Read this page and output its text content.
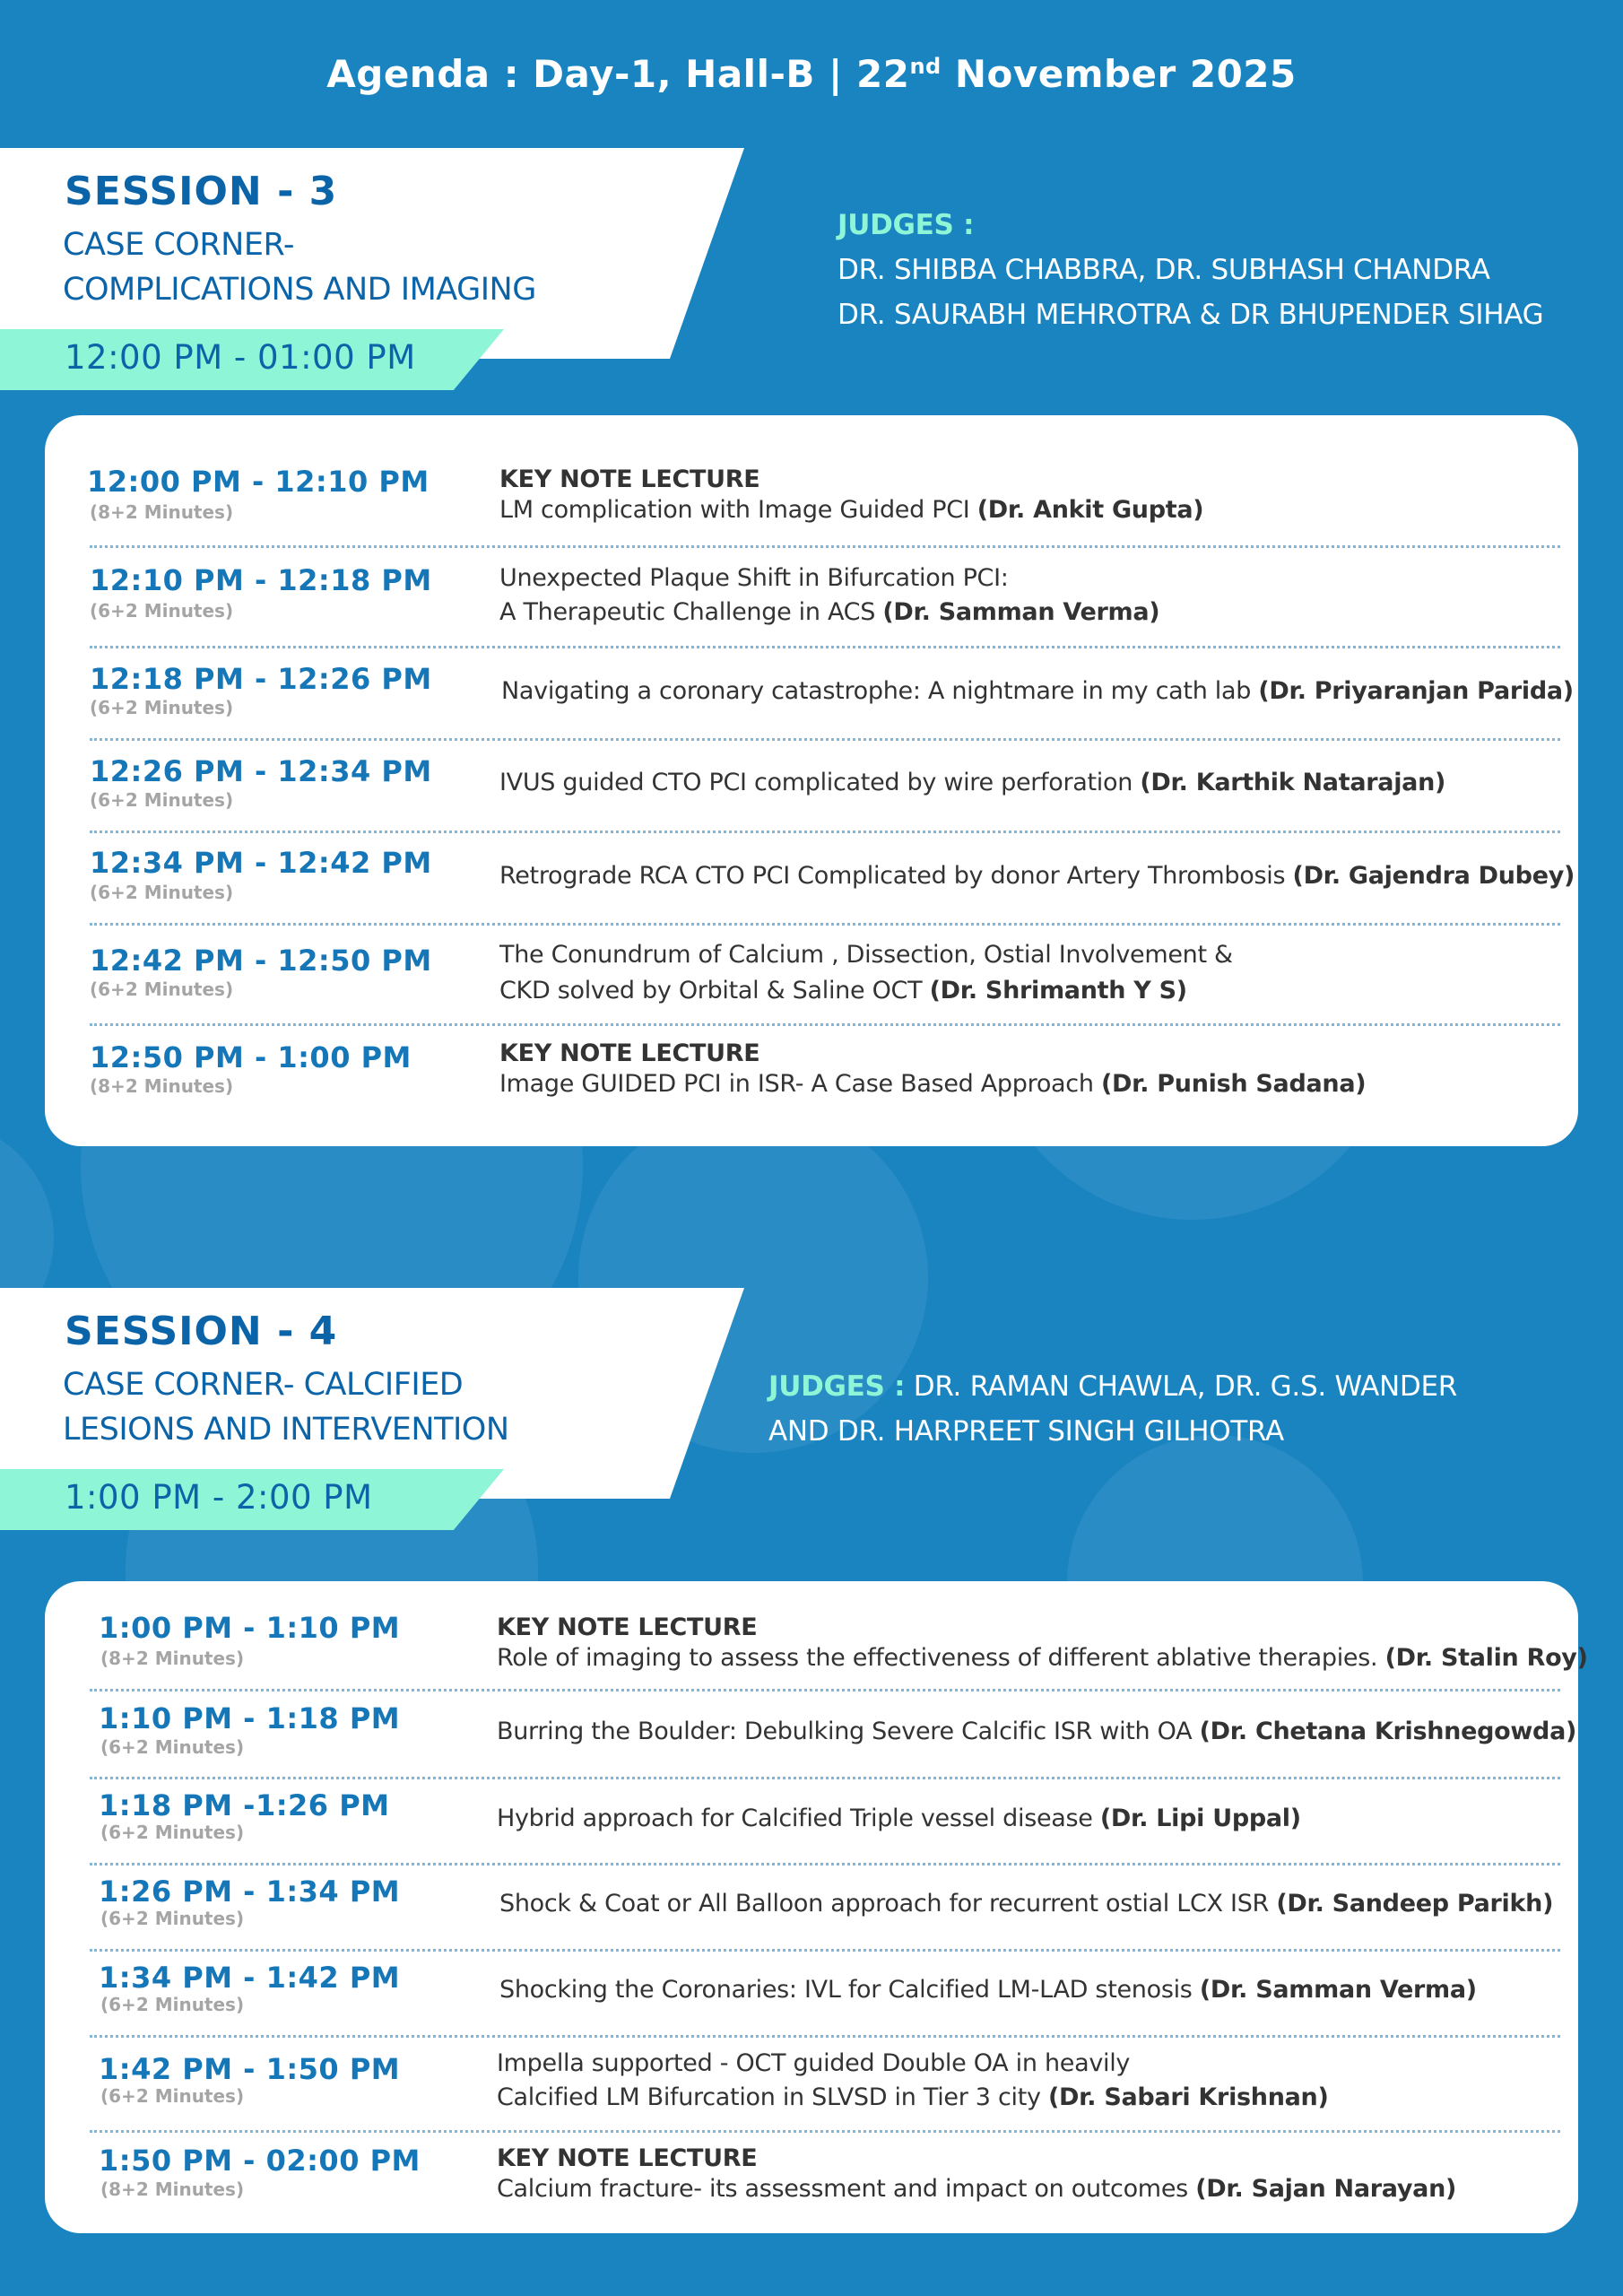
Agenda : Day-1, Hall-B | 22nd November 2025
SESSION - 3
CASE CORNER-
COMPLICATIONS AND IMAGING
12:00 PM - 01:00 PM
JUDGES :
DR. SHIBBA CHABBRA, DR. SUBHASH CHANDRA
DR. SAURABH MEHROTRA & DR BHUPENDER SIHAG
12:00 PM - 12:10 PM
(8+2 Minutes)
KEY NOTE LECTURE
LM complication with Image Guided PCI (Dr. Ankit Gupta)
12:10 PM - 12:18 PM
(6+2 Minutes)
Unexpected Plaque Shift in Bifurcation PCI:
A Therapeutic Challenge in ACS (Dr. Samman Verma)
12:18 PM - 12:26 PM
(6+2 Minutes)
Navigating a coronary catastrophe: A nightmare in my cath lab (Dr. Priyaranjan Parida)
12:26 PM - 12:34 PM
(6+2 Minutes)
IVUS guided CTO PCI complicated by wire perforation (Dr. Karthik Natarajan)
12:34 PM - 12:42 PM
(6+2 Minutes)
Retrograde RCA CTO PCI Complicated by donor Artery Thrombosis (Dr. Gajendra Dubey)
12:42 PM - 12:50 PM
(6+2 Minutes)
The Conundrum of Calcium , Dissection, Ostial Involvement &
CKD solved by Orbital & Saline OCT (Dr. Shrimanth Y S)
12:50 PM - 1:00 PM
(8+2 Minutes)
KEY NOTE LECTURE
Image GUIDED PCI in ISR- A Case Based Approach (Dr. Punish Sadana)
SESSION - 4
CASE CORNER- CALCIFIED
LESIONS AND INTERVENTION
1:00 PM - 2:00 PM
JUDGES : DR. RAMAN CHAWLA, DR. G.S. WANDER
AND DR. HARPREET SINGH GILHOTRA
1:00 PM - 1:10 PM
(8+2 Minutes)
KEY NOTE LECTURE
Role of imaging to assess the effectiveness of different ablative therapies. (Dr. Stalin Roy)
1:10 PM - 1:18 PM
(6+2 Minutes)
Burring the Boulder: Debulking Severe Calcific ISR with OA (Dr. Chetana Krishnegowda)
1:18 PM -1:26 PM
(6+2 Minutes)	Hybrid approach for Calcified Triple vessel disease (Dr. Lipi Uppal)
1:26 PM - 1:34 PM
(6+2 Minutes)
Shock & Coat or All Balloon approach for recurrent ostial LCX ISR (Dr. Sandeep Parikh)
1:34 PM - 1:42 PM
(6+2 Minutes)
Shocking the Coronaries: IVL for Calcified LM-LAD stenosis (Dr. Samman Verma)
1:42 PM - 1:50 PM
(6+2 Minutes)
Impella supported - OCT guided Double OA in heavily
Calcified LM Bifurcation in SLVSD in Tier 3 city (Dr. Sabari Krishnan)
1:50 PM - 02:00 PM
(8+2 Minutes)
KEY NOTE LECTURE
Calcium fracture- its assessment and impact on outcomes (Dr. Sajan Narayan)
